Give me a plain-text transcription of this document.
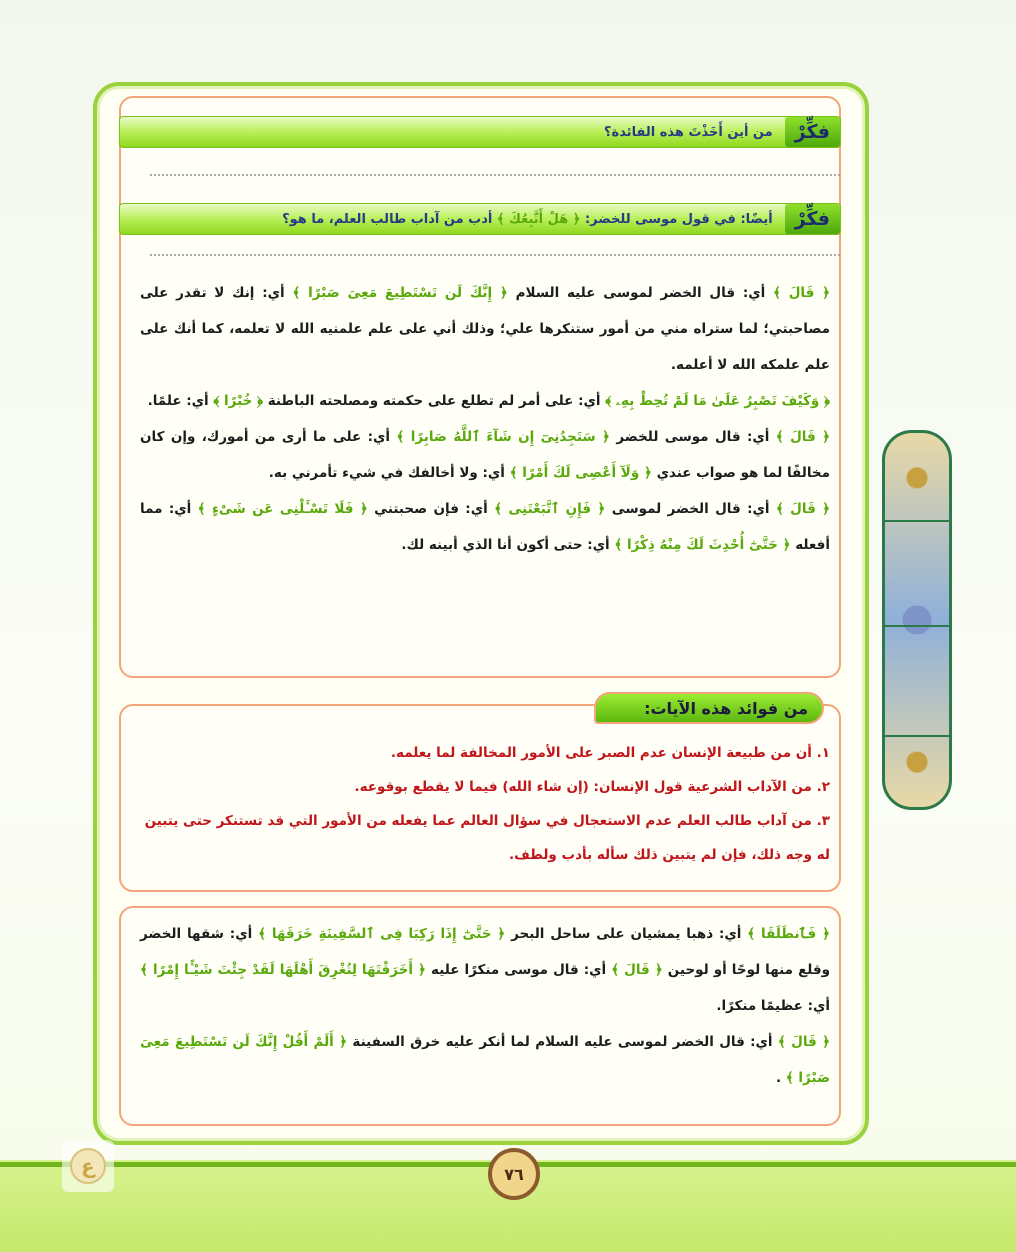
فكِّرْ
من أين أَخَذْتَ هذه الفائدة؟
فكِّرْ
أيضًا: في قول موسى للخضر: ﴿ هَلْ أَتَّبِعُكَ ﴾ أدب من آداب طالب العلم، ما هو؟
﴿ قَالَ ﴾ أي: قال الخضر لموسى عليه السلام ﴿ إِنَّكَ لَن تَسْتَطِيعَ مَعِىَ صَبْرًا ﴾ أي: إنك لا تقدر على مصاحبتي؛ لما ستراه مني من أمور ستنكرها علي؛ وذلك أني على علم علمنيه الله لا تعلمه، كما أنك على علم علمكه الله لا أعلمه.
﴿ وَكَيْفَ تَصْبِرُ عَلَىٰ مَا لَمْ تُحِطْ بِهِۦ ﴾ أي: على أمر لم تطلع على حكمته ومصلحته الباطنة ﴿ خُبْرًا ﴾ أي: علمًا.
﴿ قَالَ ﴾ أي: قال موسى للخضر ﴿ سَتَجِدُنِىٓ إِن شَآءَ ٱللَّهُ صَابِرًا ﴾ أي: على ما أرى من أمورك، وإن كان مخالفًا لما هو صواب عندي ﴿ وَلَآ أَعْصِى لَكَ أَمْرًا ﴾ أي: ولا أخالفك في شيء تأمرني به.
﴿ قَالَ ﴾ أي: قال الخضر لموسى ﴿ فَإِنِ ٱتَّبَعْتَنِى ﴾ أي: فإن صحبتني ﴿ فَلَا تَسْـَٔلْنِى عَن شَىْءٍ ﴾ أي: مما أفعله ﴿ حَتَّىٰٓ أُحْدِثَ لَكَ مِنْهُ ذِكْرًا ﴾ أي: حتى أكون أنا الذي أبينه لك.
من فوائد هذه الآيات:
١. أن من طبيعة الإنسان عدم الصبر على الأمور المخالفة لما يعلمه.
٢. من الآداب الشرعية قول الإنسان: (إن شاء الله) فيما لا يقطع بوقوعه.
٣. من آداب طالب العلم عدم الاستعجال في سؤال العالم عما يفعله من الأمور التي قد تستنكر حتى يتبين له وجه ذلك، فإن لم يتبين ذلك سأله بأدب ولطف.
﴿ فَٱنطَلَقَا ﴾ أي: ذهبا يمشيان على ساحل البحر ﴿ حَتَّىٰٓ إِذَا رَكِبَا فِى ٱلسَّفِينَةِ خَرَقَهَا ﴾ أي: شقها الخضر وقلع منها لوحًا أو لوحين ﴿ قَالَ ﴾ أي: قال موسى منكرًا عليه ﴿ أَخَرَقْتَهَا لِتُغْرِقَ أَهْلَهَا لَقَدْ جِئْتَ شَيْـًٔا إِمْرًا ﴾ أي: عظيمًا منكرًا.
﴿ قَالَ ﴾ أي: قال الخضر لموسى عليه السلام لما أنكر عليه خرق السفينة ﴿ أَلَمْ أَقُلْ إِنَّكَ لَن تَسْتَطِيعَ مَعِىَ صَبْرًا ﴾ .
٧٦
ع
